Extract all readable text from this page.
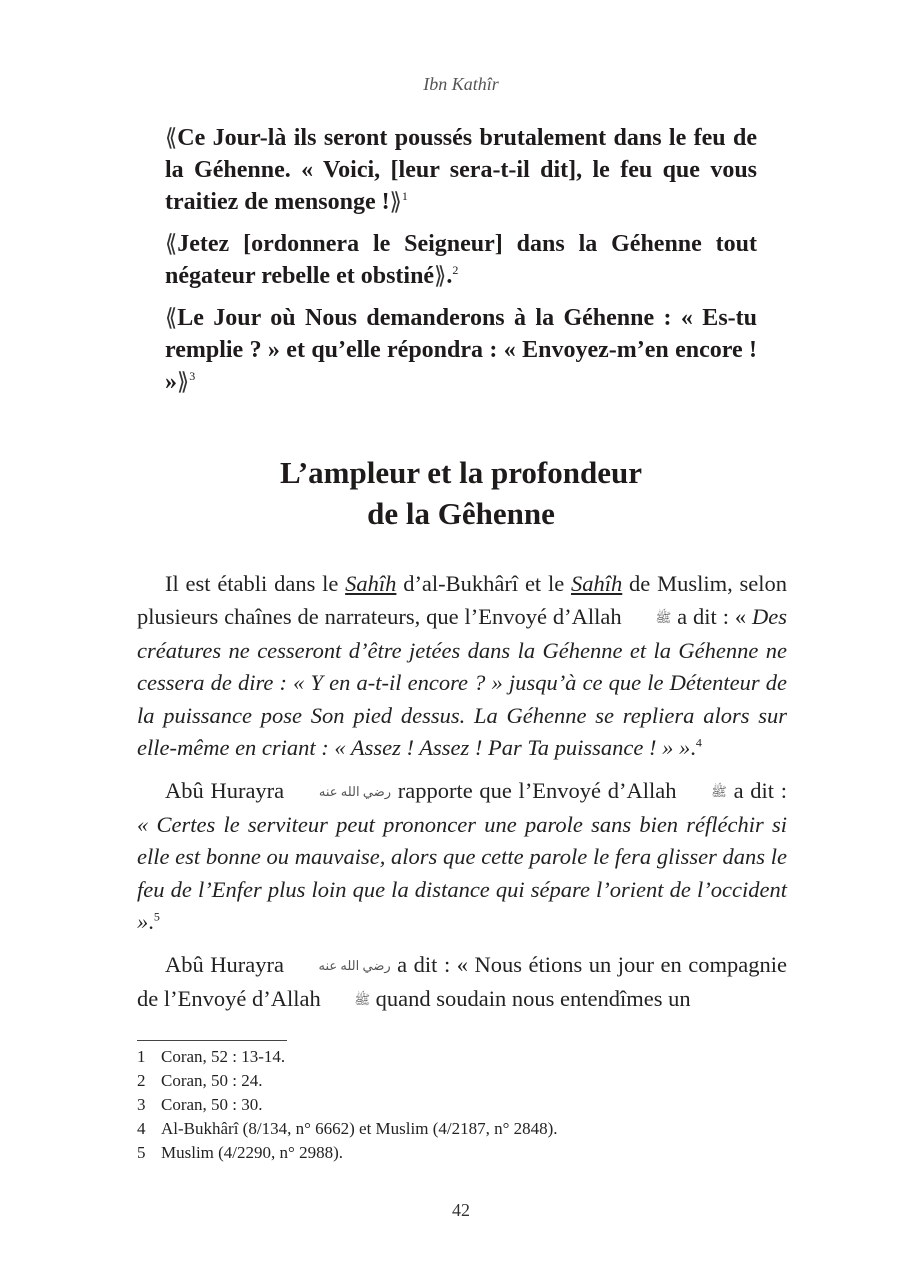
Ibn Kathîr

⟪Ce Jour-là ils seront poussés brutalement dans le feu de la Géhenne. « Voici, [leur sera-t-il dit], le feu que vous traitiez de mensonge !⟫$^1$

⟪Jetez [ordonnera le Seigneur] dans la Géhenne tout négateur rebelle et obstiné⟫.$^2$

⟪Le Jour où Nous demanderons à la Géhenne : « Es-tu remplie ? » et qu’elle répondra : « Envoyez-m’en encore ! »⟫$^3$

L’ampleur et la profondeur
de la Gêhenne

Il est établi dans le Sahîh d’al-Bukhârî et le Sahîh de Muslim, selon plusieurs chaînes de narrateurs, que l’Envoyé d’Allah ﷺ a dit : « Des créatures ne cesseront d’être jetées dans la Géhenne et la Géhenne ne cessera de dire : « Y en a-t-il encore ? » jusqu’à ce que le Détenteur de la puissance pose Son pied dessus. La Géhenne se repliera alors sur elle-même en criant : « Assez ! Assez ! Par Ta puissance ! » ».$^4$

Abû Hurayra رضي الله عنه rapporte que l’Envoyé d’Allah ﷺ a dit : « Certes le serviteur peut prononcer une parole sans bien réfléchir si elle est bonne ou mauvaise, alors que cette parole le fera glisser dans le feu de l’Enfer plus loin que la distance qui sépare l’orient de l’occident ».$^5$

Abû Hurayra رضي الله عنه a dit : « Nous étions un jour en compagnie de l’Envoyé d’Allah ﷺ quand soudain nous entendîmes un

1 Coran, 52 : 13-14.
2 Coran, 50 : 24.
3 Coran, 50 : 30.
4 Al-Bukhârî (8/134, n° 6662) et Muslim (4/2187, n° 2848).
5 Muslim (4/2290, n° 2988).
42
